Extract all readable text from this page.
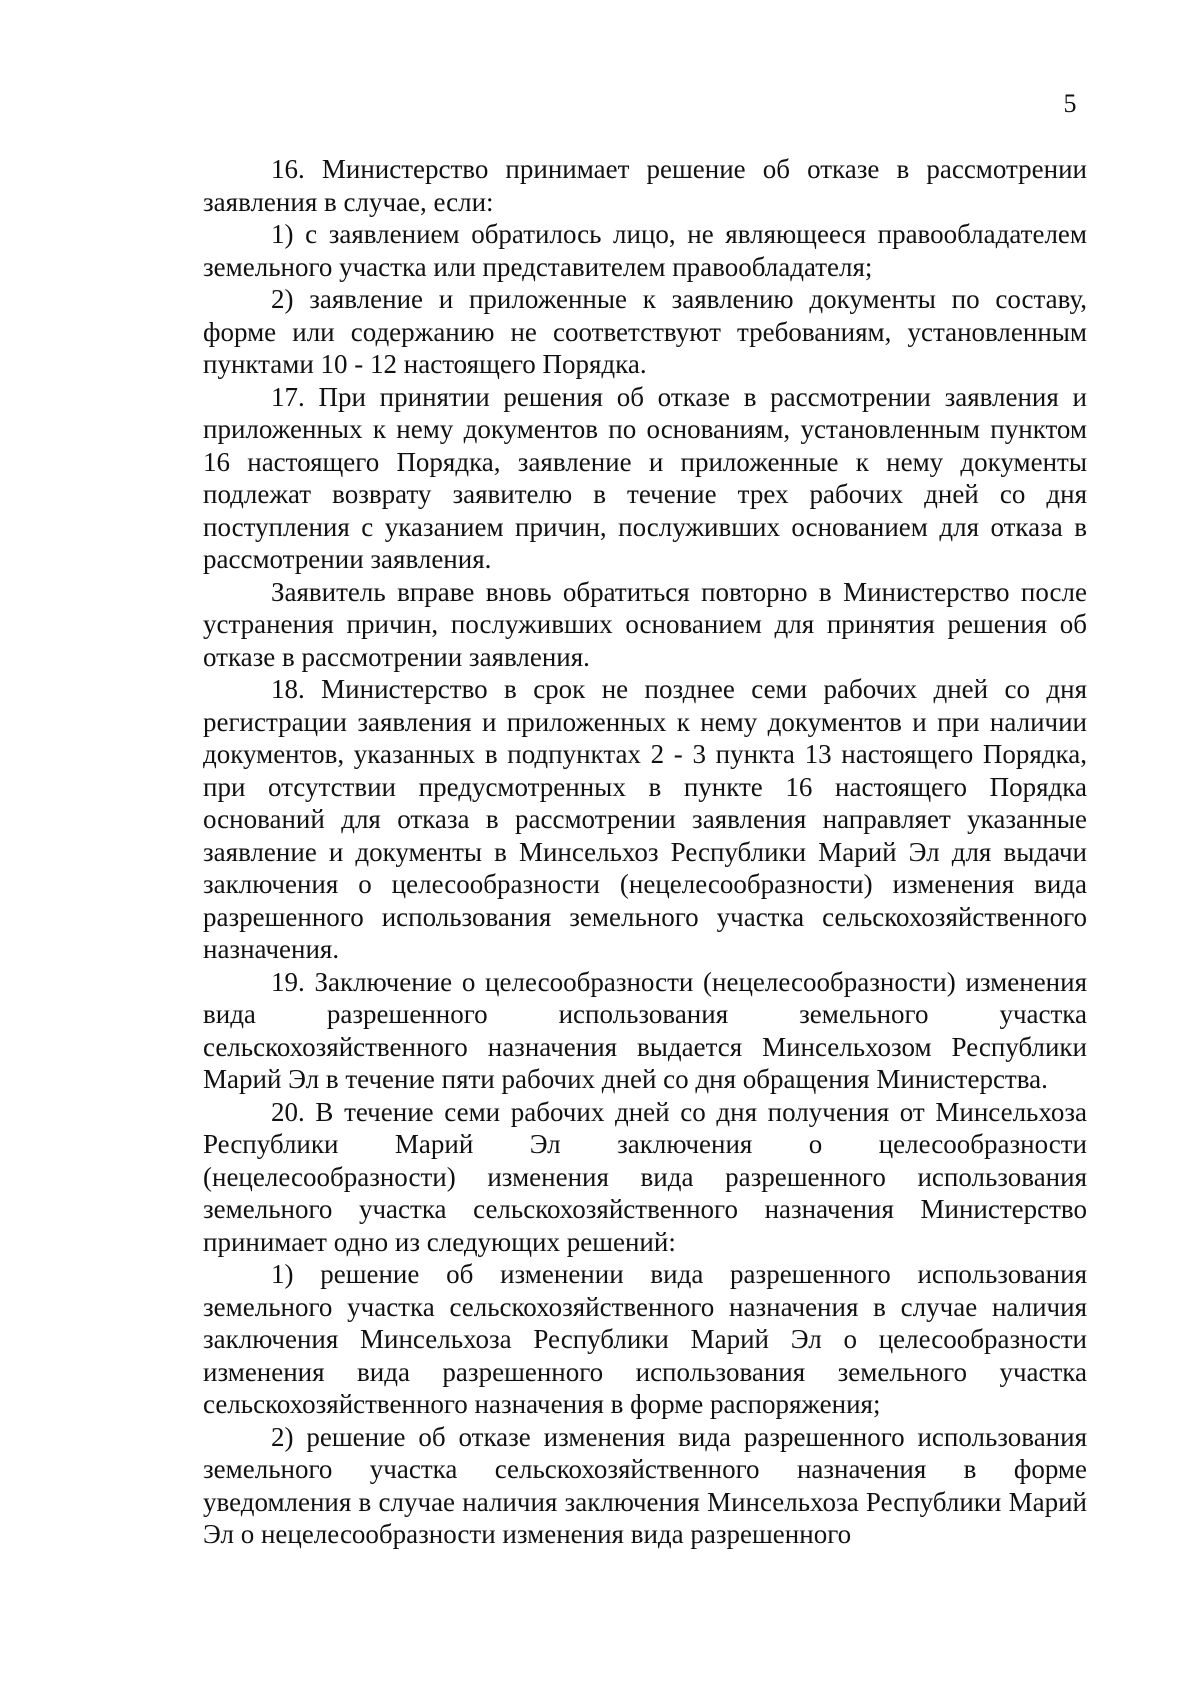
5

16. Министерство принимает решение об отказе в рассмотрении заявления в случае, если:

1) с заявлением обратилось лицо, не являющееся правообладателем земельного участка или представителем правообладателя;

2) заявление и приложенные к заявлению документы по составу, форме или содержанию не соответствуют требованиям, установленным пунктами 10 - 12 настоящего Порядка.

17. При принятии решения об отказе в рассмотрении заявления и приложенных к нему документов по основаниям, установленным пунктом 16 настоящего Порядка, заявление и приложенные к нему документы подлежат возврату заявителю в течение трех рабочих дней со дня поступления с указанием причин, послуживших основанием для отказа в рассмотрении заявления.

Заявитель вправе вновь обратиться повторно в Министерство после устранения причин, послуживших основанием для принятия решения об отказе в рассмотрении заявления.

18. Министерство в срок не позднее семи рабочих дней со дня регистрации заявления и приложенных к нему документов и при наличии документов, указанных в подпунктах 2 - 3 пункта 13 настоящего Порядка, при отсутствии предусмотренных в пункте 16 настоящего Порядка оснований для отказа в рассмотрении заявления направляет указанные заявление и документы в Минсельхоз Республики Марий Эл для выдачи заключения о целесообразности (нецелесообразности) изменения вида разрешенного использования земельного участка сельскохозяйственного назначения.

19. Заключение о целесообразности (нецелесообразности) изменения вида разрешенного использования земельного участка сельскохозяйственного назначения выдается Минсельхозом Республики Марий Эл в течение пяти рабочих дней со дня обращения Министерства.

20. В течение семи рабочих дней со дня получения от Минсельхоза Республики Марий Эл заключения о целесообразности (нецелесообразности) изменения вида разрешенного использования земельного участка сельскохозяйственного назначения Министерство принимает одно из следующих решений:

1) решение об изменении вида разрешенного использования земельного участка сельскохозяйственного назначения в случае наличия заключения Минсельхоза Республики Марий Эл о целесообразности изменения вида разрешенного использования земельного участка сельскохозяйственного назначения в форме распоряжения;

2) решение об отказе изменения вида разрешенного использования земельного участка сельскохозяйственного назначения в форме уведомления в случае наличия заключения Минсельхоза Республики Марий Эл о нецелесообразности изменения вида разрешенного
